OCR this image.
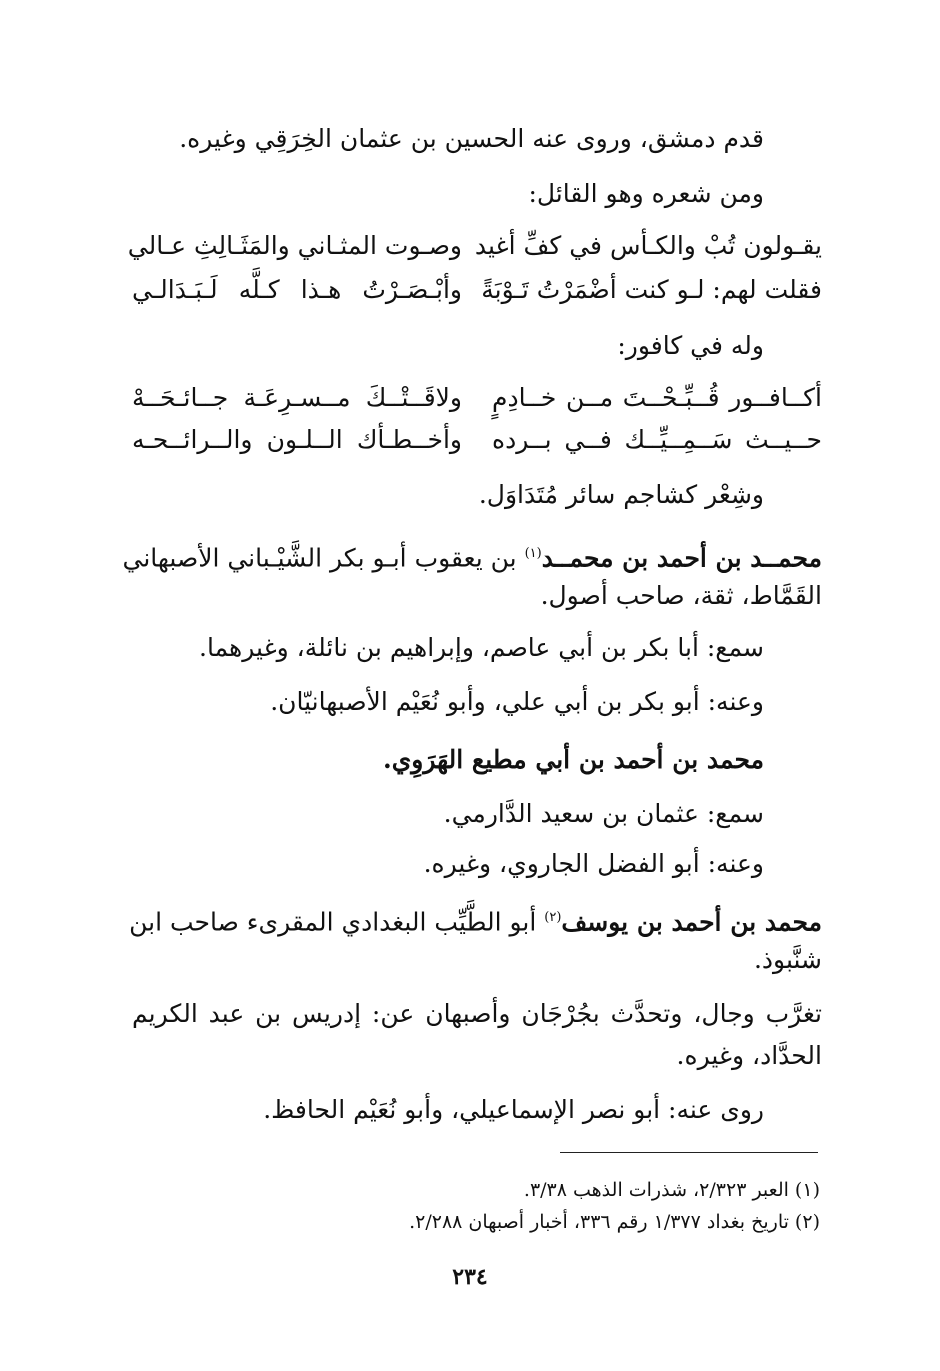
قدم دمشق، وروى عنه الحسين بن عثمان الخِرَقِي وغيره.
ومن شعره وهو القائل:
يقـولون تُبْ والكـأس في كفِّ أغيد
وصـوت المثـاني والمَثَـالِثِ عـالي
فقلت لهم: لـو كنت أضْمَرْتُ تَـوْبَةً
وأبْـصَـرْتُ هـذا كـلَّه لَـبَـدَالـي
وله في كافور:
أكــافــور قُــبِّـحْــتَ مــن خــادِمٍ
ولاقَــتْــكَ مــسـرِعَـة جــائـحَــهْ
حــيــث سَــمِــيِّــك فــي بــرده
وأخــطـأك الــلـون والــرائــحـه
وشِعْر كشاجم سائر مُتَدَاوَل.
محمــد بن أحمد بن محمــد$^{(١)}$ بن يعقوب أبـو بكر الشَّيْـباني الأصبهاني
القَمَّاط، ثقة، صاحب أصول.
سمع: أبا بكر بن أبي عاصم، وإبراهيم بن نائلة، وغيرهما.
وعنه: أبو بكر بن أبي علي، وأبو نُعَيْم الأصبهانيّان.
محمد بن أحمد بن أبي مطيع الهَرَوِي.
سمع: عثمان بن سعيد الدَّارمي.
وعنه: أبو الفضل الجاروي، وغيره.
محمد بن أحمد بن يوسف$^{(٢)}$ أبو الطَّيِّب البغدادي المقرىء صاحب ابن
شنَّبوذ.
تغرَّب وجال، وتحدَّث بجُرْجَان وأصبهان عن: إدريس بن عبد الكريم
الحدَّاد، وغيره.
روى عنه: أبو نصر الإسماعيلي، وأبو نُعَيْم الحافظ.
(١) العبر ٢/٣٢٣، شذرات الذهب ٣/٣٨.
(٢) تاريخ بغداد ١/٣٧٧ رقم ٣٣٦، أخبار أصبهان ٢/٢٨٨.
٢٣٤
